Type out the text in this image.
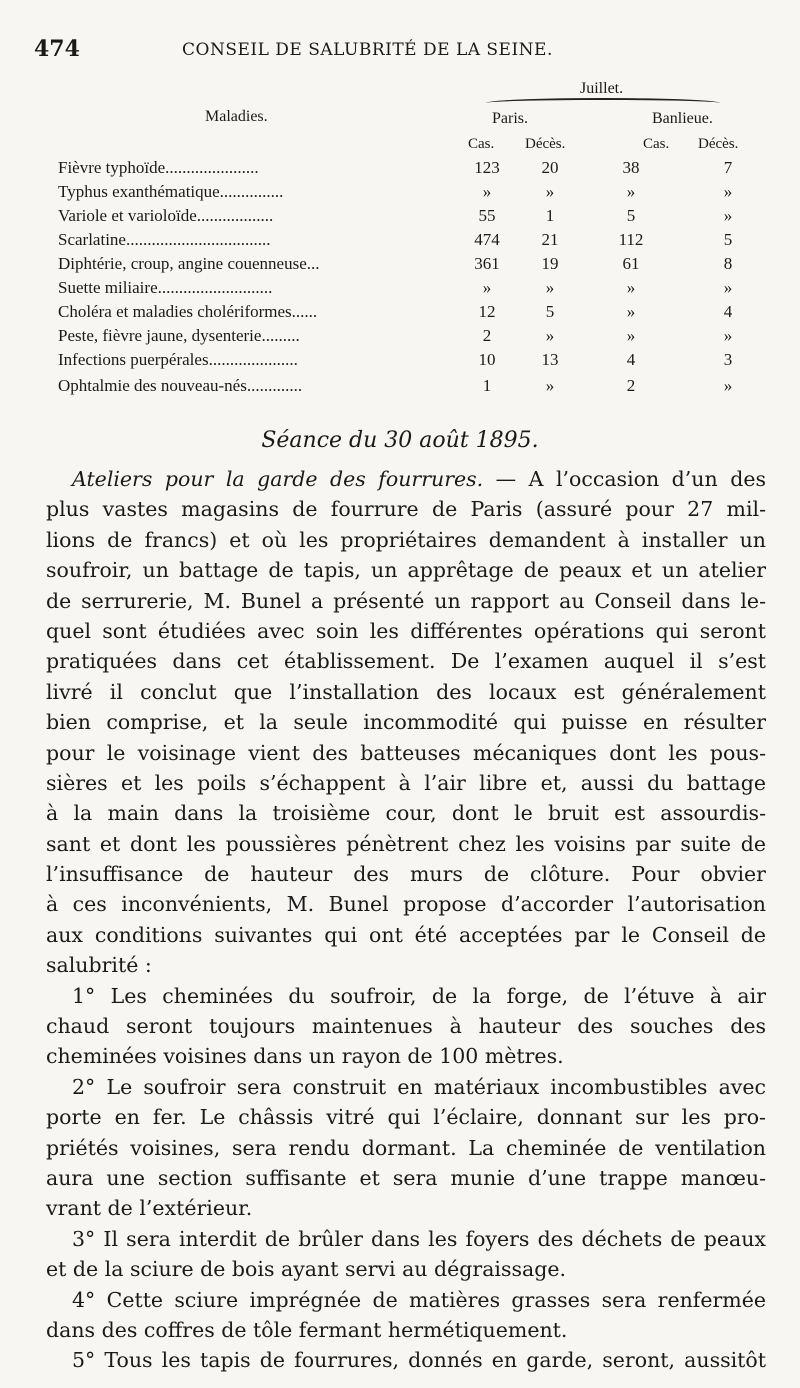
474	CONSEIL DE SALUBRITÉ DE LA SEINE.
Juillet.
Maladies.	Paris.	Banlieue.
Cas. Décès.	Cas. Décès.
Fièvre typhoïde......................	123	20	38	7
Typhus exanthématique...............	»	»	»	»
Variole et varioloïde..................	55	1	5	»
Scarlatine..................................	474	21	112	5
Diphtérie, croup, angine couenneuse...	361	19	61	8
Suette miliaire...........................	»	»	»	»
Choléra et maladies cholériformes......	12	5	»	4
Peste, fièvre jaune, dysenterie.........	2	»	»	»
Infections puerpérales.....................	10	13	4	3
Ophtalmie des nouveau-nés.............	1	»	2	»
Séance du 30 août 1895.
Ateliers pour la garde des fourrures. — A l’occasion d’un des
plus vastes magasins de fourrure de Paris (assuré pour 27 mil-
lions de francs) et où les propriétaires demandent à installer un
soufroir, un battage de tapis, un apprêtage de peaux et un atelier
de serrurerie, M. Bunel a présenté un rapport au Conseil dans le-
quel sont étudiées avec soin les différentes opérations qui seront
pratiquées dans cet établissement. De l’examen auquel il s’est
livré il conclut que l’installation des locaux est généralement
bien comprise, et la seule incommodité qui puisse en résulter
pour le voisinage vient des batteuses mécaniques dont les pous-
sières et les poils s’échappent à l’air libre et, aussi du battage
à la main dans la troisième cour, dont le bruit est assourdis-
sant et dont les poussières pénètrent chez les voisins par suite de
l’insuffisance de hauteur des murs de clôture. Pour obvier
à ces inconvénients, M. Bunel propose d’accorder l’autorisation
aux conditions suivantes qui ont été acceptées par le Conseil de
salubrité :
1° Les cheminées du soufroir, de la forge, de l’étuve à air
chaud seront toujours maintenues à hauteur des souches des
cheminées voisines dans un rayon de 100 mètres.
2° Le soufroir sera construit en matériaux incombustibles avec
porte en fer. Le châssis vitré qui l’éclaire, donnant sur les pro-
priétés voisines, sera rendu dormant. La cheminée de ventilation
aura une section suffisante et sera munie d’une trappe manœu-
vrant de l’extérieur.
3° Il sera interdit de brûler dans les foyers des déchets de peaux
et de la sciure de bois ayant servi au dégraissage.
4° Cette sciure imprégnée de matières grasses sera renfermée
dans des coffres de tôle fermant hermétiquement.
5° Tous les tapis de fourrures, donnés en garde, seront, aussitôt
